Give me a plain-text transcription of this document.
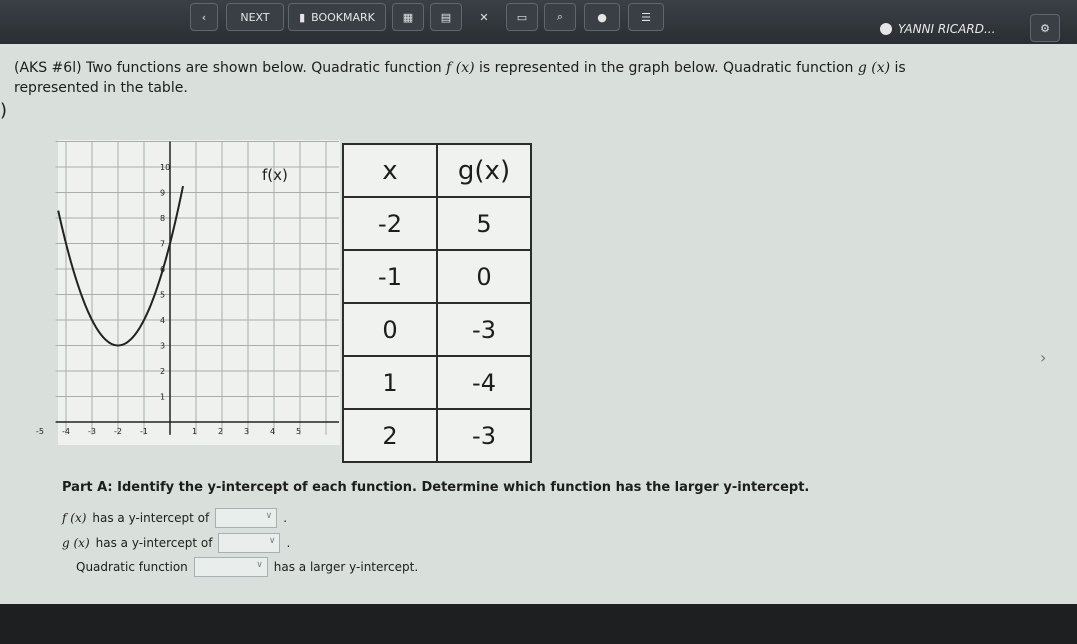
‹	NEXT	▮ BOOKMARK	▦	▤	✕	▭	⌕	●	☰
YANNI RICARD...	⚙
)
(AKS #6l) Two functions are shown below. Quadratic function f (x) is represented in the graph below. Quadratic function g (x) is
represented in the table.
-5 -4 -3 -2 -1	1	2	3	4	5
1
2
3
4
5
6
7
8
9
10	f(x)	x	g(x)
-2	5
-1	0
0	-3
1	-4
2	-3
›
Part A: Identify the y-intercept of each function. Determine which function has the larger y-intercept.
f (x) has a y-intercept of	∨ .
g (x) has a y-intercept of	∨ .
Quadratic function	∨ has a larger y-intercept.
